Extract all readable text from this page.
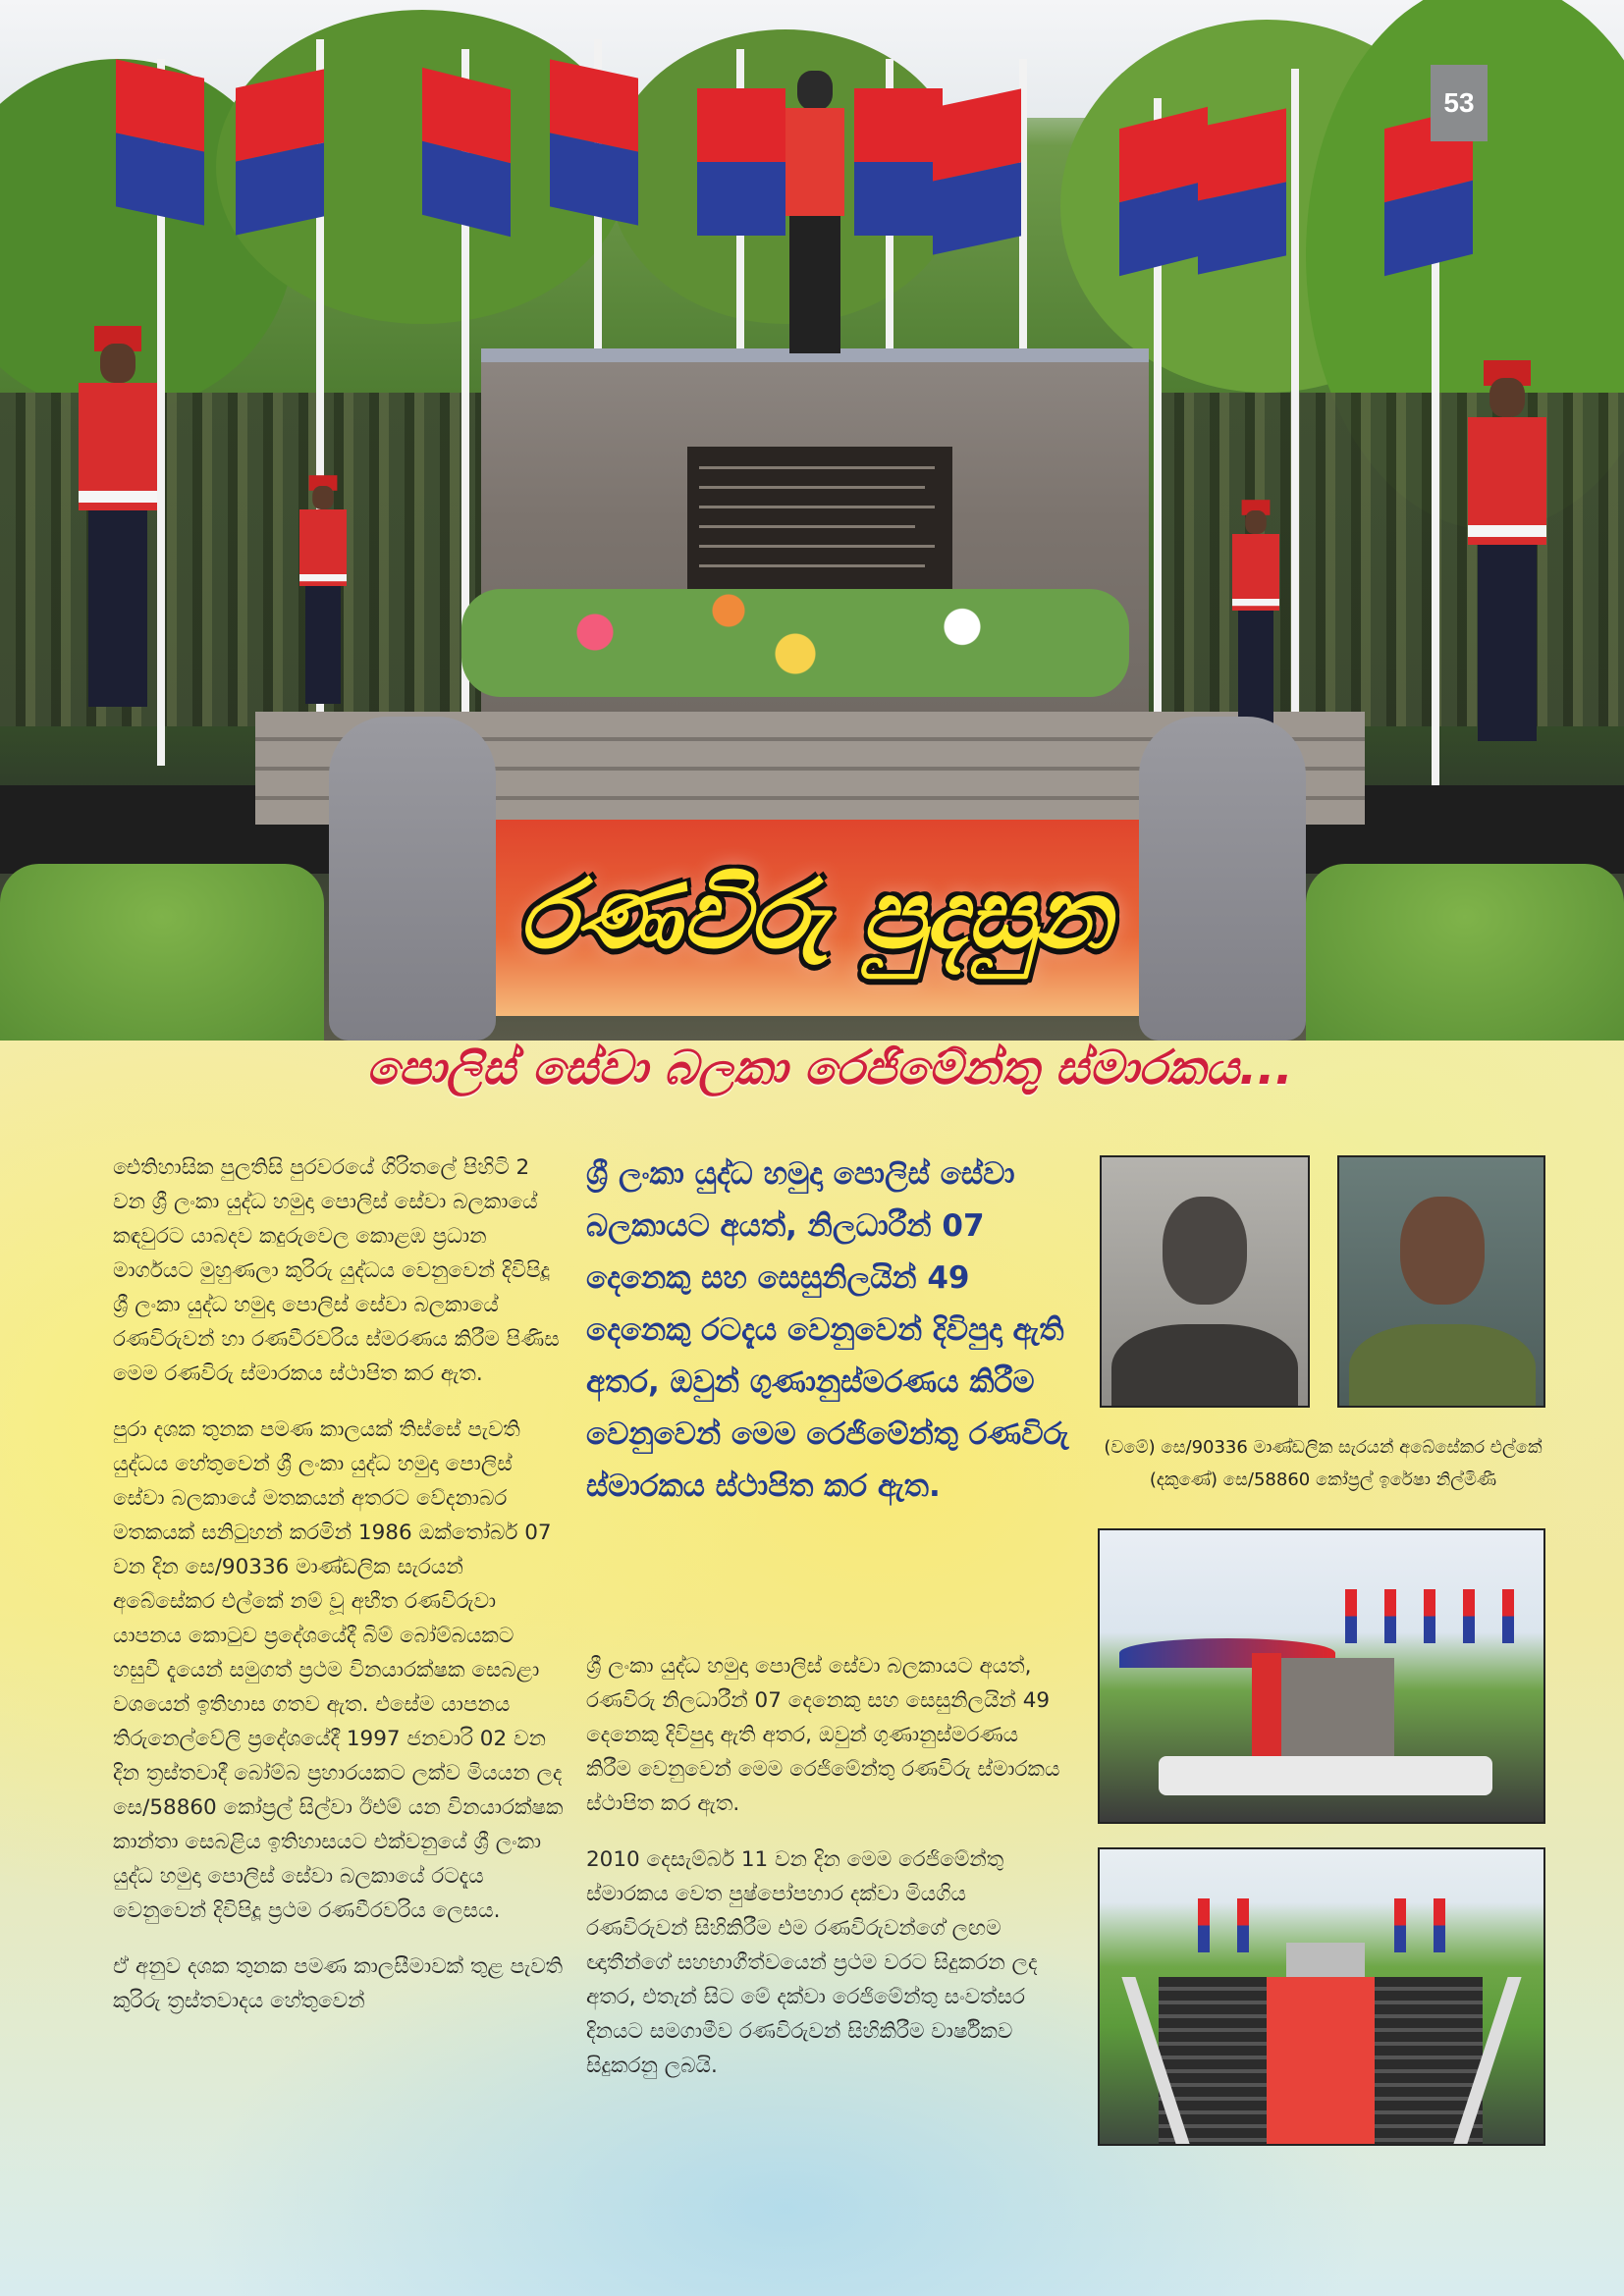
53
රණවිරු පුදසුන
පොලිස් සේවා බලකා රෙජිමේන්තු ස්මාරකය...

ඓතිහාසික පුලතිසි පුරවරයේ ගිරිතලේ පිහිටි 2 වන ශ්‍රී ලංකා යුද්ධ හමුදා පොලිස් සේවා බලකායේ කඳවුරට යාබදව කදුරුවෙල කොළඹ ප්‍රධාන මාර්ගයට මුහුණලා කුරිරු යුද්ධය වෙනුවෙන් දිවිපිදූ ශ්‍රී ලංකා යුද්ධ හමුදා පොලිස් සේවා බලකායේ රණවිරුවන් හා රණවීරවරිය ස්මරණය කිරීම පිණිස මෙම රණවිරු ස්මාරකය ස්ථාපිත කර ඇත.

පුරා දශක තුනක පමණ කාලයක් තිස්සේ පැවති යුද්ධය හේතුවෙන් ශ්‍රී ලංකා යුද්ධ හමුදා පොලිස් සේවා බලකායේ මතකයන් අතරට වේදනාබර මතකයක් සනිටුහන් කරමින් 1986 ඔක්තෝබර් 07 වන දින සෙ/90336 මාණ්ඩලික සැරයන් අබේසේකර එල්කේ නම් වූ අභීත රණවිරුවා යාපනය කොටුව ප්‍රදේශයේදී බිම් බෝම්බයකට හසුවී දැයෙන් සමුගත් ප්‍රථම විනයාරක්ෂක සෙබළා වශයෙන් ඉතිහාස ගතව ඇත. එසේම යාපනය තිරුනෙල්වේලි ප්‍රදේශයේදී 1997 ජනවාරි 02 වන දින ත්‍රස්තවාදී බෝම්බ ප්‍රහාරයකට ලක්ව මියයන ලද සෙ/58860 කෝප්‍රල් සිල්වා ඊඑම් යන විනයාරක්ෂක කාන්තා සෙබළිය ඉතිහාසයට එක්වනුයේ ශ්‍රී ලංකා යුද්ධ හමුදා පොලිස් සේවා බලකායේ රටදැය වෙනුවෙන් දිවිපිදූ ප්‍රථම රණවීරවරිය ලෙසය.

ඒ අනුව දශක තුනක පමණ කාලසීමාවක් තුළ පැවති කුරිරු ත්‍රස්තවාදය හේතුවෙන්

ශ්‍රී ලංකා යුද්ධ හමුදා පොලිස් සේවා බලකායට අයත්, නිලධාරීන් 07 දෙනෙකු සහ සෙසුනිලයින් 49 දෙනෙකු රටදැය වෙනුවෙන් දිවිපුදා ඇති අතර, ඔවුන් ගුණානුස්මරණය කිරීම වෙනුවෙන් මෙම රෙජිමේන්තු රණවිරු ස්මාරකය ස්ථාපිත කර ඇත.

ශ්‍රී ලංකා යුද්ධ හමුදා පොලිස් සේවා බලකායට අයත්, රණවිරු නිලධාරීන් 07 දෙනෙකු සහ සෙසුනිලයින් 49 දෙනෙකු දිවිපුදා ඇති අතර, ඔවුන් ගුණානුස්මරණය කිරීම වෙනුවෙන් මෙම රෙජිමේන්තු රණවිරු ස්මාරකය ස්ථාපිත කර ඇත.

2010 දෙසැම්බර් 11 වන දින මෙම රෙජිමේන්තු ස්මාරකය වෙත පුෂ්පෝපහාර දක්වා මියගිය රණවිරුවන් සිහිකිරීම එම රණවිරුවන්ගේ ලඟම ඥාතීන්ගේ සහභාගීත්වයෙන් ප්‍රථම වරට සිදුකරන ලද අතර, එතැන් සිට මේ දක්වා රෙජිමේන්තු සංවත්සර දිනයට සමගාමීව රණවිරුවන් සිහිකිරීම වාර්ෂිකව සිදුකරනු ලබයි.

(වමේ) සෙ/90336 මාණ්ඩලික සැරයන් අබේසේකර එල්කේ
(දකුණේ) සෙ/58860 කෝප්‍රල් ඉරේෂා නිල්මිණී
